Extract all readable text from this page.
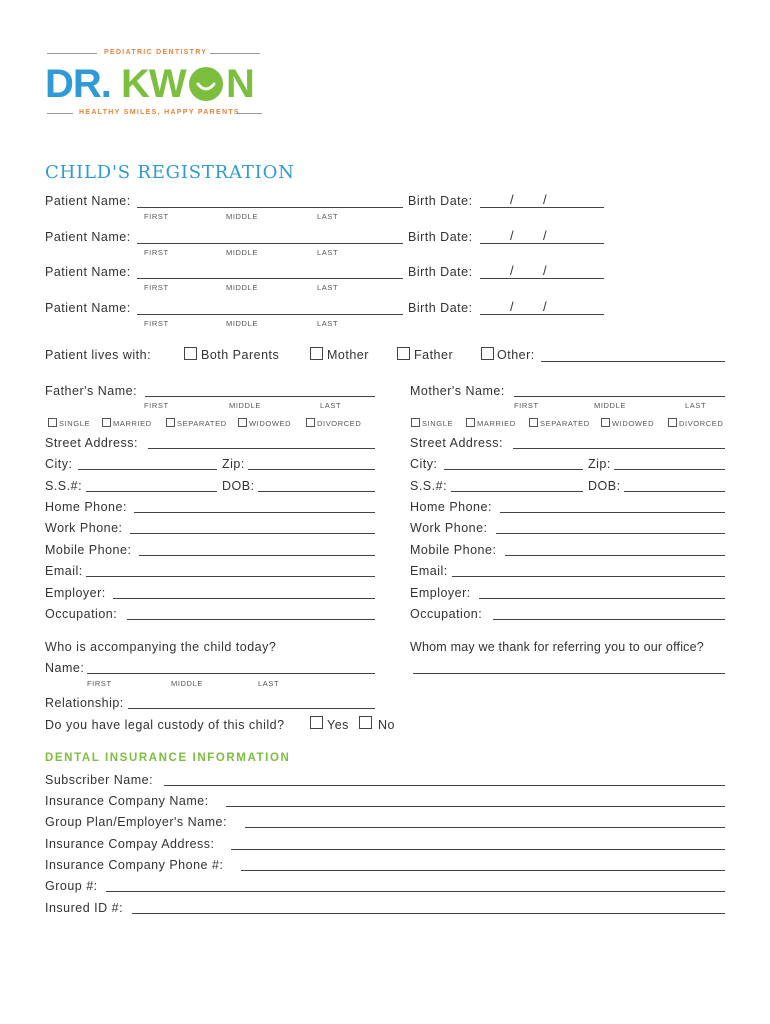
PEDIATRIC DENTISTRY
DR. KW N
HEALTHY SMILES, HAPPY PARENTS
CHILD'S REGISTRATION
Patient Name:	Birth Date:	/ /
FIRST	MIDDLE	LAST
Patient Name:	Birth Date:	/ /
FIRST	MIDDLE	LAST
Patient Name:	Birth Date:	/ /
FIRST	MIDDLE	LAST
Patient Name:	Birth Date:	/ /
FIRST	MIDDLE	LAST
Patient lives with:	Both Parents	Mother	Father	Other:
Father's Name:
FIRST	MIDDLE	LAST
SINGLE	MARRIED	SEPARATED	WIDOWED	DIVORCED
Street Address:
City:	Zip:
S.S.#:	DOB:
Home Phone:
Work Phone:
Mobile Phone:
Email:
Employer:
Occupation:
Mother's Name:
FIRST	MIDDLE	LAST
SINGLE	MARRIED	SEPARATED	WIDOWED	DIVORCED
Street Address:
City:	Zip:
S.S.#:	DOB:
Home Phone:
Work Phone:
Mobile Phone:
Email:
Employer:
Occupation:
Who is accompanying the child today?
Name:
FIRST	MIDDLE	LAST
Relationship:
Do you have legal custody of this child?	Yes No
Whom may we thank for referring you to our office?
DENTAL INSURANCE INFORMATION
Subscriber Name:
Insurance Company Name:
Group Plan/Employer's Name:
Insurance Compay Address:
Insurance Company Phone #:
Group #:
Insured ID #:
